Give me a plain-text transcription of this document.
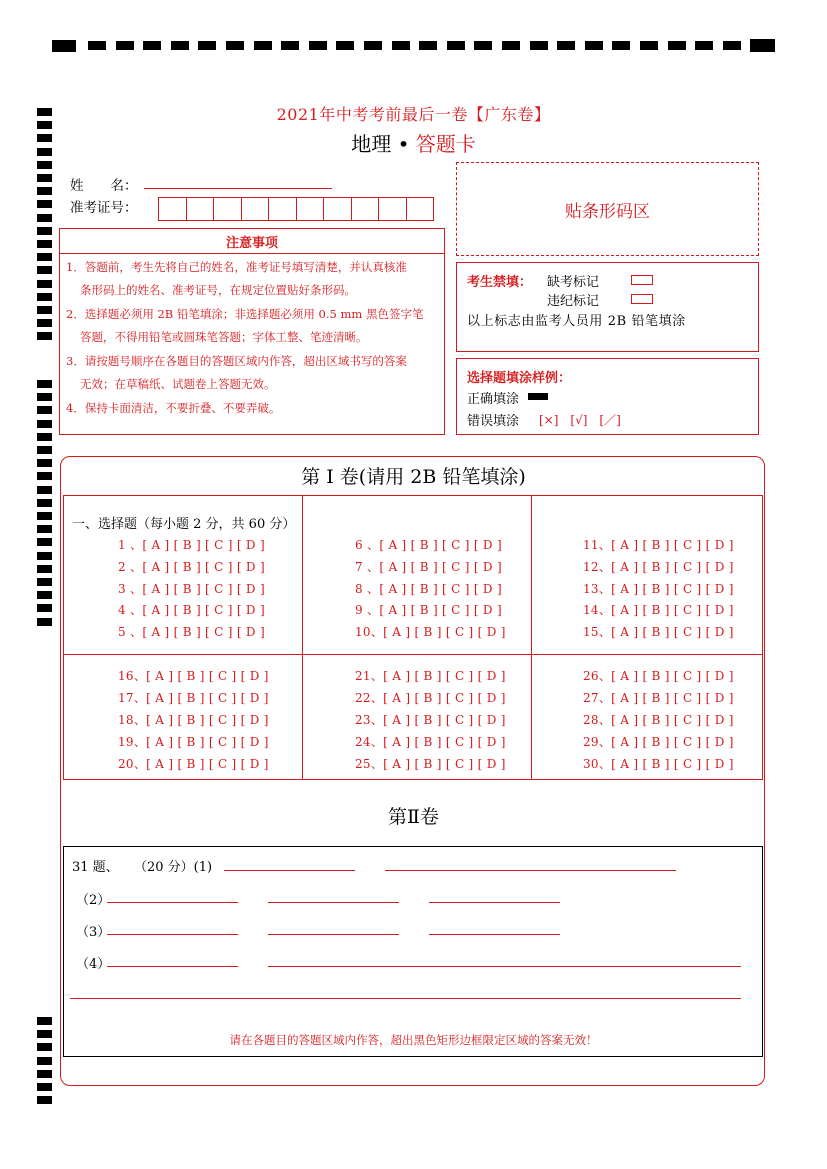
2021年中考考前最后一卷【广东卷】
地理 • 答题卡
姓　　名：
准考证号：	贴条形码区
注意事项
1．答题前，考生先将自己的姓名，准考证号填写清楚，并认真核准
条形码上的姓名、准考证号，在规定位置贴好条形码。
2．选择题必须用 2B 铅笔填涂；非选择题必须用 0.5 mm 黑色签字笔
答题，不得用铅笔或圆珠笔答题；字体工整、笔迹清晰。
3．请按题号顺序在各题目的答题区域内作答，超出区域书写的答案
无效；在草稿纸、试题卷上答题无效。
4．保持卡面清洁，不要折叠、不要弄破。
考生禁填： 缺考标记
违纪标记
以上标志由监考人员用 2B 铅笔填涂
选择题填涂样例：
正确填涂
错误填涂 [×]　[√]　[／]
第 I 卷(请用 2B 铅笔填涂)
一、选择题（每小题 2 分，共 60 分）
1 、[ A ] [ B ] [ C ] [ D ]
2 、[ A ] [ B ] [ C ] [ D ]
3 、[ A ] [ B ] [ C ] [ D ]
4 、[ A ] [ B ] [ C ] [ D ]
5 、[ A ] [ B ] [ C ] [ D ]
6 、[ A ] [ B ] [ C ] [ D ]
7 、[ A ] [ B ] [ C ] [ D ]
8 、[ A ] [ B ] [ C ] [ D ]
9 、[ A ] [ B ] [ C ] [ D ]
10、[ A ] [ B ] [ C ] [ D ]
11、[ A ] [ B ] [ C ] [ D ]
12、[ A ] [ B ] [ C ] [ D ]
13、[ A ] [ B ] [ C ] [ D ]
14、[ A ] [ B ] [ C ] [ D ]
15、[ A ] [ B ] [ C ] [ D ]
16、[ A ] [ B ] [ C ] [ D ]
17、[ A ] [ B ] [ C ] [ D ]
18、[ A ] [ B ] [ C ] [ D ]
19、[ A ] [ B ] [ C ] [ D ]
20、[ A ] [ B ] [ C ] [ D ]
21、[ A ] [ B ] [ C ] [ D ]
22、[ A ] [ B ] [ C ] [ D ]
23、[ A ] [ B ] [ C ] [ D ]
24、[ A ] [ B ] [ C ] [ D ]
25、[ A ] [ B ] [ C ] [ D ]
26、[ A ] [ B ] [ C ] [ D ]
27、[ A ] [ B ] [ C ] [ D ]
28、[ A ] [ B ] [ C ] [ D ]
29、[ A ] [ B ] [ C ] [ D ]
30、[ A ] [ B ] [ C ] [ D ]
第Ⅱ卷
31 题、 （20 分）(1)
（2）
（3）
（4）
请在各题目的答题区域内作答，超出黑色矩形边框限定区域的答案无效！
